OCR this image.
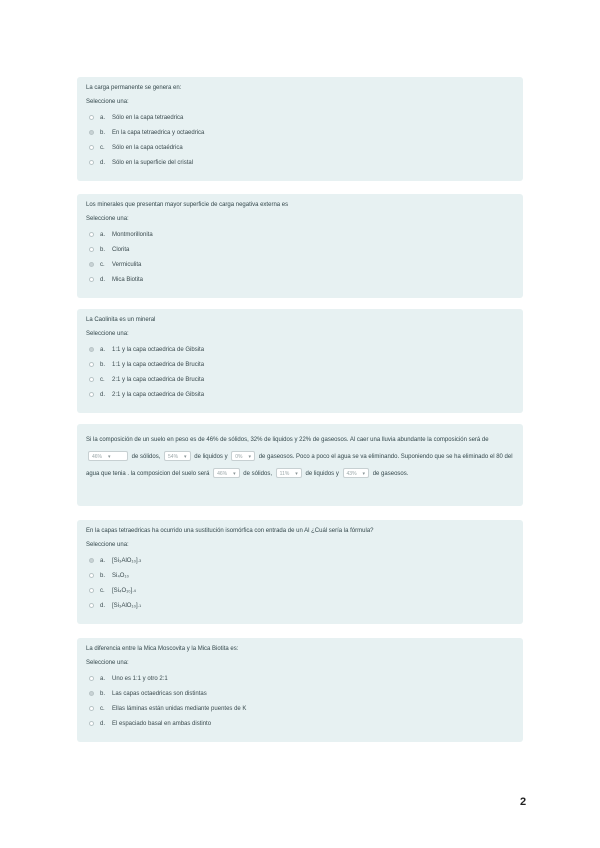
La carga permanente se genera en:

Seleccione una:

a.	Sólo en la capa tetraedrica
b.	En la capa tetraedrica y octaedrica
c.	Sólo en la capa octaédrica
d.	Sólo en la superficie del cristal

Los minerales que presentan mayor superficie de carga negativa externa es

Seleccione una:

a.	Montmorillonita
b.	Clorita
c.	Vermiculita
d.	Mica Biotita

La Caolinita es un mineral

Seleccione una:

a.	1:1 y la capa octaedrica de Gibsita
b.	1:1 y la capa octaedrica de Brucita
c.	2:1 y la capa octaedrica de Brucita
d.	2:1 y la capa octaedrica de Gibsita
Si la composición de un suelo en peso es de 46% de sólidos, 32% de liquidos y 22% de gaseosos. Al caer una lluvia abundante la composición será de 46% ▾	de sólidos, 54% ▾ de liquidos y 0% ▾ de gaseosos. Poco a poco el agua se va eliminando. Suponiendo que se ha eliminado el 80 del agua que tenia . la composicion del suelo será 46% ▾ de sólidos, 11% ▾ de liquidos y 43% ▾ de gaseosos.

En la capas tetraedricas ha ocurrido una sustitución isomórfica con entrada de un Al ¿Cuál sería la fórmula?

Seleccione una:

a.	[Si₃AlO₁₀] -3
b.	Si₄O₁₀
c.	[Si₄O₁₀] -4
d.	[Si₃AlO₁₀] -1

La diferencia entre la Mica Moscovita y la Mica Biotita es:

Seleccione una:

a.	Uno es 1:1 y otro 2:1
b.	Las capas octaedricas son distintas
c.	Ellas láminas están unidas mediante puentes de K
d.	El espaciado basal en ambas distinto
2
